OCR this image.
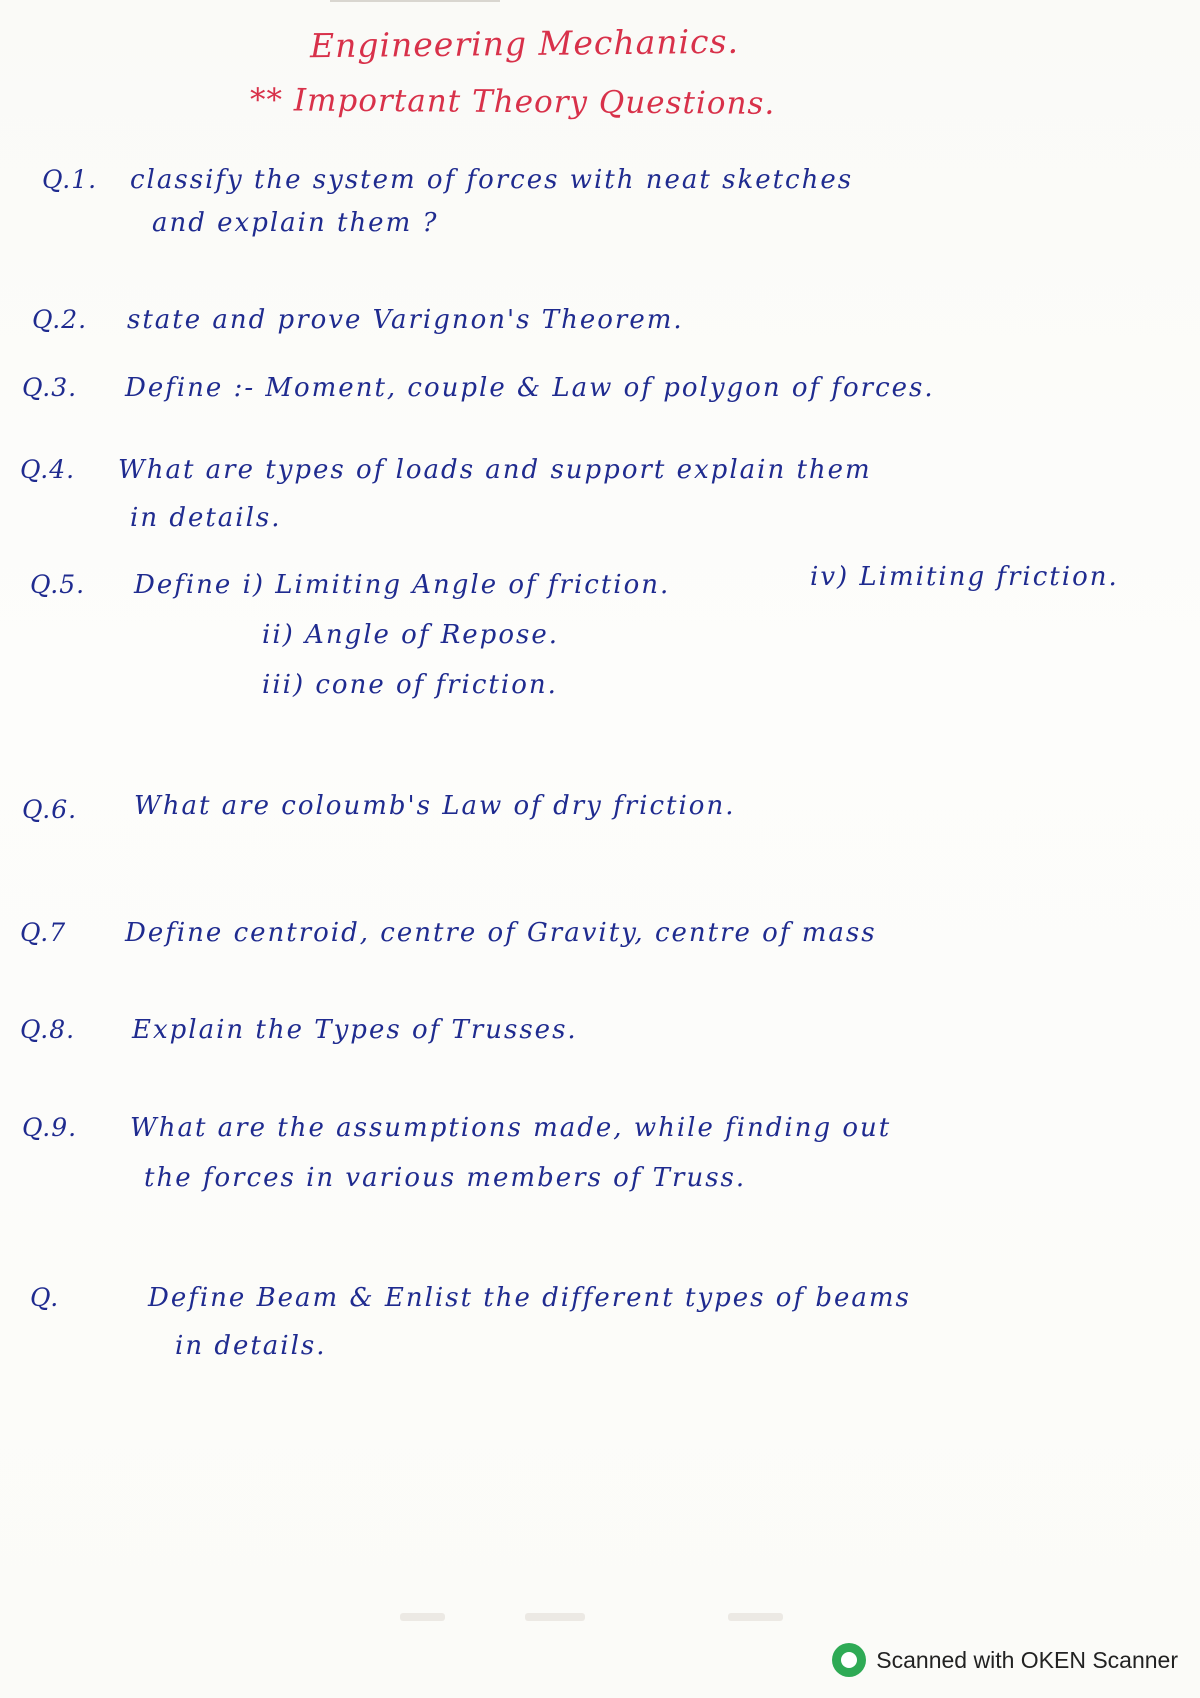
Engineering Mechanics.
** Important Theory Questions.
Q.1. classify the system of forces with neat sketches
and explain them ?
Q.2. state and prove Varignon's Theorem.
Q.3. Define :- Moment, couple & Law of polygon of forces.
Q.4. What are types of loads and support explain them
in details.
Q.5. Define i) Limiting Angle of friction.	iv) Limiting friction.
ii) Angle of Repose.
iii) cone of friction.
Q.6. What are coloumb's Law of dry friction.
Q.7 Define centroid, centre of Gravity, centre of mass
Q.8. Explain the Types of Trusses.
Q.9. What are the assumptions made, while finding out
the forces in various members of Truss.
Q.	Define Beam & Enlist the different types of beams
in details.
Scanned with OKEN Scanner
